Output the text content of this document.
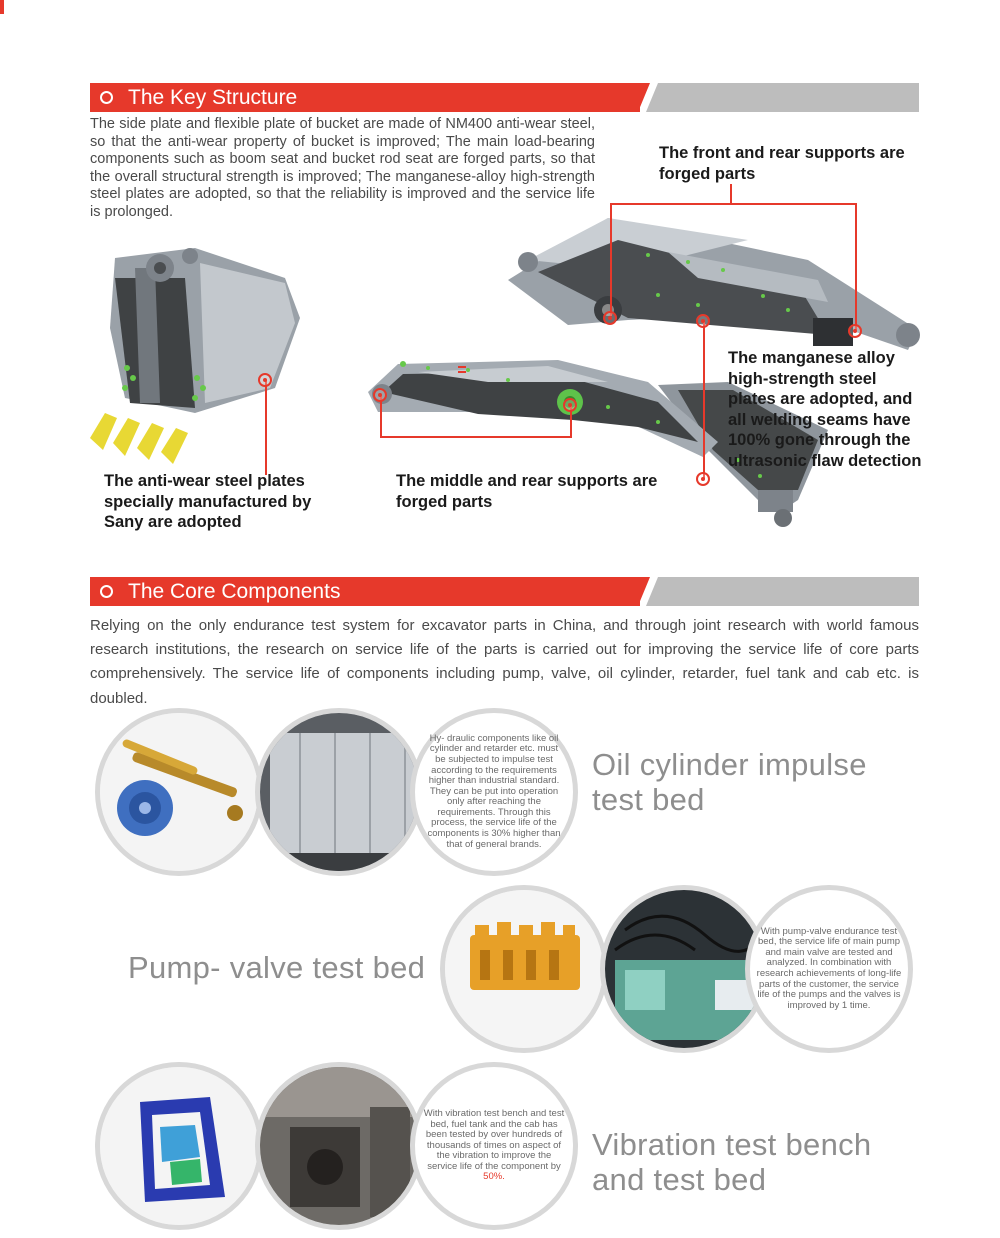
The Key Structure
The side plate and flexible plate of bucket are made of NM400 anti-wear steel, so that the anti-wear property of bucket is improved; The main load-bearing components such as boom seat and bucket rod seat are forged parts, so that the overall structural strength is improved; The manganese-alloy high-strength steel plates are adopted, so that the reliability is improved and the service life is prolonged.
The front and rear supports are forged parts
The manganese alloy high-strength steel plates are adopted, and all welding seams have 100% gone through the ultrasonic flaw detection
The anti-wear steel plates specially manufactured by Sany are adopted
The middle and rear supports are forged parts
The Core Components
Relying on the only endurance test system for excavator parts in China, and through joint research with world famous research institutions, the research on service life of the parts is carried out for improving the service life of core parts comprehensively. The service life of components including pump, valve, oil cylinder, retarder, fuel tank and cab etc. is doubled.

Hy- draulic components like oil cylinder and retarder etc. must be subjected to impulse test according to the requirements higher than industrial standard. They can be put into operation only after reaching the requirements. Through this process, the service life of the components is 30% higher than that of general brands.

Oil cylinder impulse test bed
Pump- valve test bed

With pump-valve endurance test bed, the service life of main pump and main valve are tested and analyzed. In combination with research achievements of long-life parts of the customer, the service life of the pumps and the valves is improved by 1 time.

With vibration test bench and test bed, fuel tank and the cab has been tested by over hundreds of thousands of times on aspect of the vibration to improve the service life of the component by
50%.

Vibration test bench and test bed
